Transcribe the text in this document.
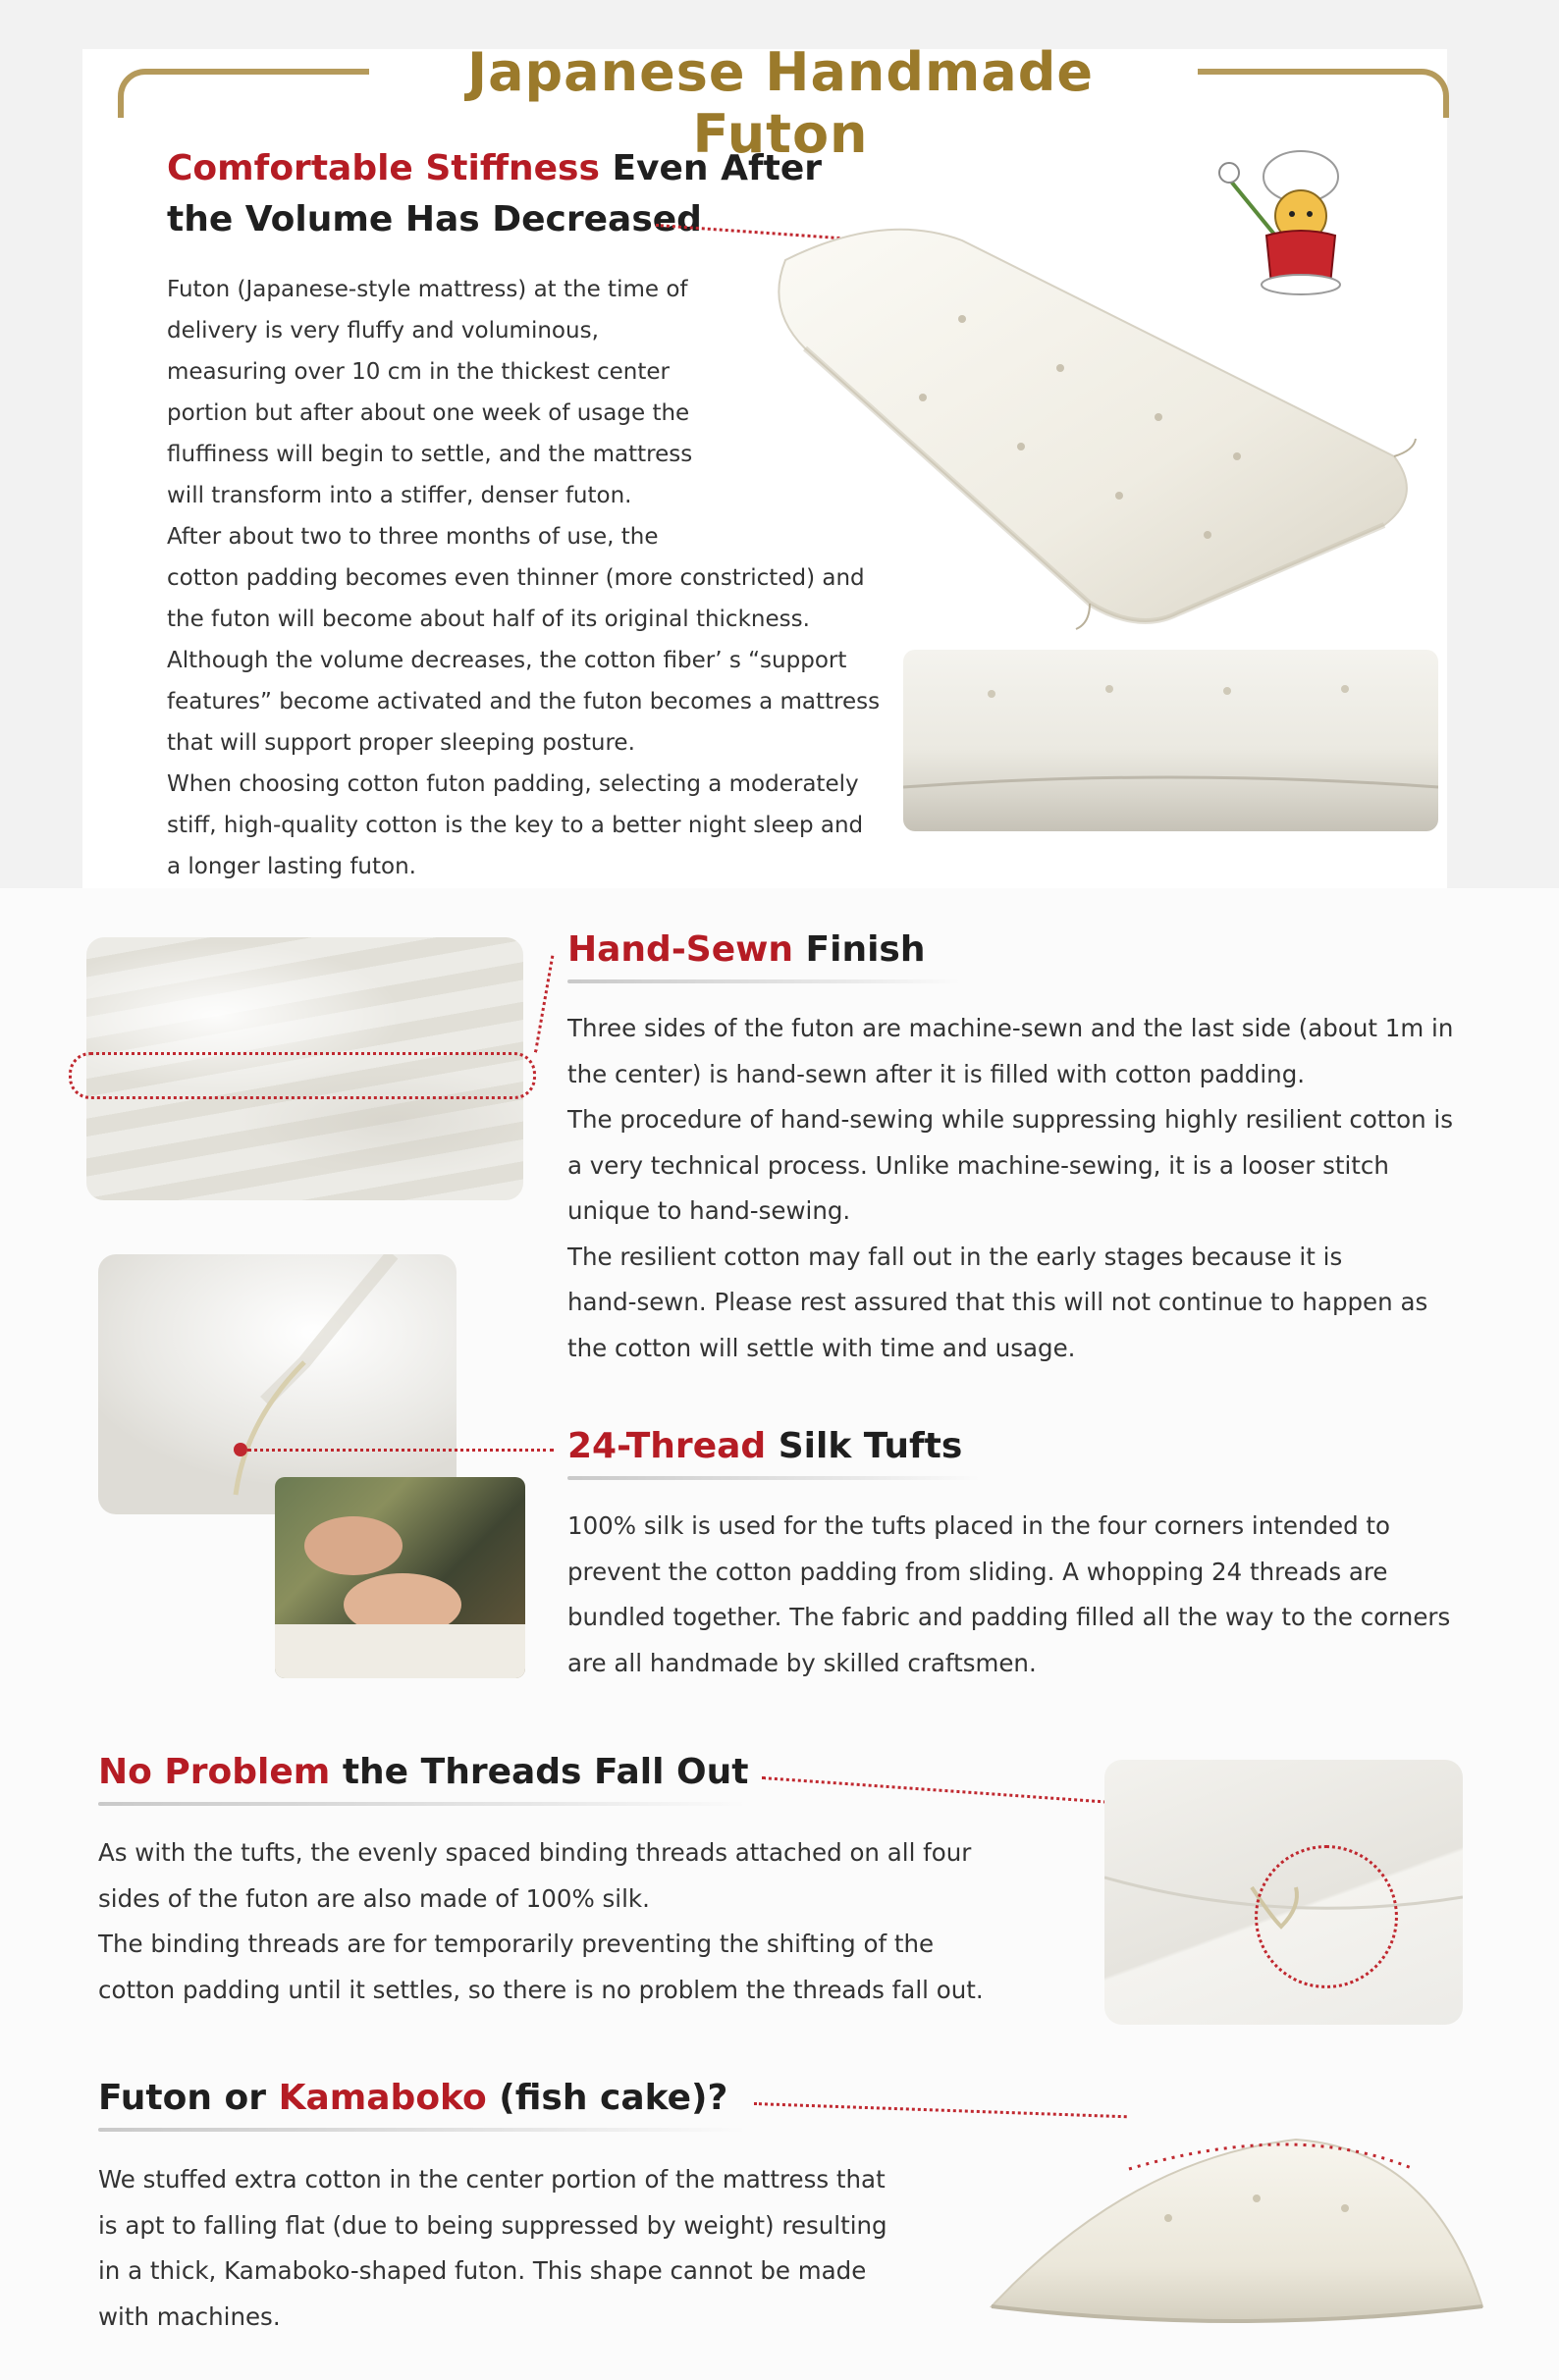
Japanese Handmade Futon
Comfortable Stiffness Even After
the Volume Has Decreased

Futon (Japanese-style mattress) at the time of

delivery is very fluffy and voluminous,

measuring over 10 cm in the thickest center

portion but after about one week of usage the

fluffiness will begin to settle, and the mattress

will transform into a stiffer, denser futon.

After about two to three months of use, the

cotton padding becomes even thinner (more constricted) and

the futon will become about half of its original thickness.

Although the volume decreases, the cotton fiber’ s “support

features” become activated and the futon becomes a mattress

that will support proper sleeping posture.

When choosing cotton futon padding, selecting a moderately

stiff, high-quality cotton is the key to a better night sleep and

a longer lasting futon.

Hand-Sewn Finish

Three sides of the futon are machine-sewn and the last side (about 1m in

the center) is hand-sewn after it is filled with cotton padding.

The procedure of hand-sewing while suppressing highly resilient cotton is

a very technical process. Unlike machine-sewing, it is a looser stitch

unique to hand-sewing.

The resilient cotton may fall out in the early stages because it is

hand-sewn. Please rest assured that this will not continue to happen as

the cotton will settle with time and usage.

24-Thread Silk Tufts

100% silk is used for the tufts placed in the four corners intended to

prevent the cotton padding from sliding. A whopping 24 threads are

bundled together. The fabric and padding filled all the way to the corners

are all handmade by skilled craftsmen.

No Problem the Threads Fall Out

As with the tufts, the evenly spaced binding threads attached on all four

sides of the futon are also made of 100% silk.

The binding threads are for temporarily preventing the shifting of the

cotton padding until it settles, so there is no problem the threads fall out.

Futon or Kamaboko (fish cake)?

We stuffed extra cotton in the center portion of the mattress that

is apt to falling flat (due to being suppressed by weight) resulting

in a thick, Kamaboko-shaped futon. This shape cannot be made

with machines.
